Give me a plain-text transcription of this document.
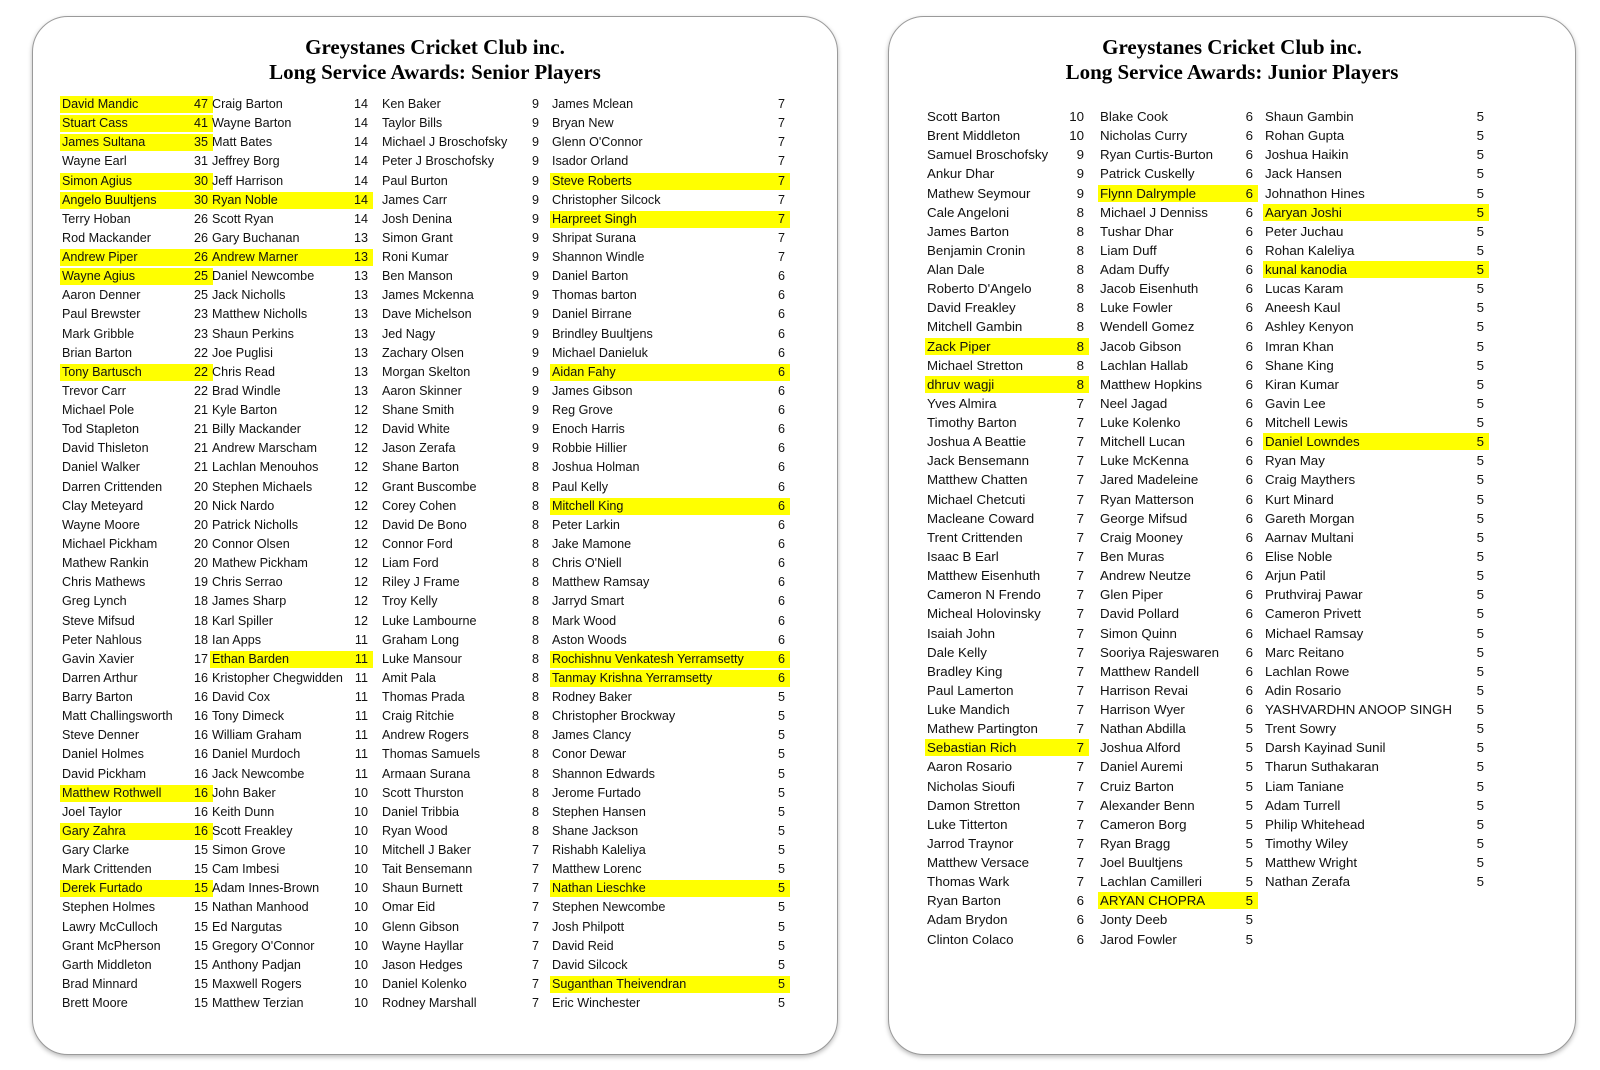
Greystanes Cricket Club inc.
Long Service Awards: Senior Players
David Mandic	47
Stuart Cass	41
James Sultana	35
Wayne Earl	31
Simon Agius	30
Angelo Buultjens	30
Terry Hoban	26
Rod Mackander	26
Andrew Piper	26
Wayne Agius	25
Aaron Denner	25
Paul Brewster	23
Mark Gribble	23
Brian Barton	22
Tony Bartusch	22
Trevor Carr	22
Michael Pole	21
Tod Stapleton	21
David Thisleton	21
Daniel Walker	21
Darren Crittenden	20
Clay Meteyard	20
Wayne Moore	20
Michael Pickham	20
Mathew Rankin	20
Chris Mathews	19
Greg Lynch	18
Steve Mifsud	18
Peter Nahlous	18
Gavin Xavier	17
Darren Arthur	16
Barry Barton	16
Matt Challingsworth 16
Steve Denner	16
Daniel Holmes	16
David Pickham	16
Matthew Rothwell	16
Joel Taylor	16
Gary Zahra	16
Gary Clarke	15
Mark Crittenden	15
Derek Furtado	15
Stephen Holmes	15
Lawry McCulloch	15
Grant McPherson	15
Garth Middleton	15
Brad Minnard	15
Brett Moore	15
Craig Barton	14
Wayne Barton	14
Matt Bates	14
Jeffrey Borg	14
Jeff Harrison	14
Ryan Noble	14
Scott Ryan	14
Gary Buchanan	13
Andrew Marner	13
Daniel Newcombe	13
Jack Nicholls	13
Matthew Nicholls	13
Shaun Perkins	13
Joe Puglisi	13
Chris Read	13
Brad Windle	13
Kyle Barton	12
Billy Mackander	12
Andrew Marscham	12
Lachlan Menouhos	12
Stephen Michaels	12
Nick Nardo	12
Patrick Nicholls	12
Connor Olsen	12
Mathew Pickham	12
Chris Serrao	12
James Sharp	12
Karl Spiller	12
Ian Apps	11
Ethan Barden	11
Kristopher Chegwidden 11
David Cox	11
Tony Dimeck	11
William Graham	11
Daniel Murdoch	11
Jack Newcombe	11
John Baker	10
Keith Dunn	10
Scott Freakley	10
Simon Grove	10
Cam Imbesi	10
Adam Innes-Brown	10
Nathan Manhood	10
Ed Nargutas	10
Gregory O'Connor	10
Anthony Padjan	10
Maxwell Rogers	10
Matthew Terzian	10
Ken Baker	9
Taylor Bills	9
Michael J Broschofsky 9
Peter J Broschofsky	9
Paul Burton	9
James Carr	9
Josh Denina	9
Simon Grant	9
Roni Kumar	9
Ben Manson	9
James Mckenna	9
Dave Michelson	9
Jed Nagy	9
Zachary Olsen	9
Morgan Skelton	9
Aaron Skinner	9
Shane Smith	9
David White	9
Jason Zerafa	9
Shane Barton	8
Grant Buscombe	8
Corey Cohen	8
David De Bono	8
Connor Ford	8
Liam Ford	8
Riley J Frame	8
Troy Kelly	8
Luke Lambourne	8
Graham Long	8
Luke Mansour	8
Amit Pala	8
Thomas Prada	8
Craig Ritchie	8
Andrew Rogers	8
Thomas Samuels	8
Armaan Surana	8
Scott Thurston	8
Daniel Tribbia	8
Ryan Wood	8
Mitchell J Baker	7
Tait Bensemann	7
Shaun Burnett	7
Omar Eid	7
Glenn Gibson	7
Wayne Hayllar	7
Jason Hedges	7
Daniel Kolenko	7
Rodney Marshall	7
James Mclean	7
Bryan New	7
Glenn O'Connor	7
Isador Orland	7
Steve Roberts	7
Christopher Silcock	7
Harpreet Singh	7
Shripat Surana	7
Shannon Windle	7
Daniel Barton	6
Thomas barton	6
Daniel Birrane	6
Brindley Buultjens	6
Michael Danieluk	6
Aidan Fahy	6
James Gibson	6
Reg Grove	6
Enoch Harris	6
Robbie Hillier	6
Joshua Holman	6
Paul Kelly	6
Mitchell King	6
Peter Larkin	6
Jake Mamone	6
Chris O'Niell	6
Matthew Ramsay	6
Jarryd Smart	6
Mark Wood	6
Aston Woods	6
Rochishnu Venkatesh Yerramsetty	6
Tanmay Krishna Yerramsetty	6
Rodney Baker	5
Christopher Brockway	5
James Clancy	5
Conor Dewar	5
Shannon Edwards	5
Jerome Furtado	5
Stephen Hansen	5
Shane Jackson	5
Rishabh Kaleliya	5
Matthew Lorenc	5
Nathan Lieschke	5
Stephen Newcombe	5
Josh Philpott	5
David Reid	5
David Silcock	5
Suganthan Theivendran	5
Eric Winchester	5
Greystanes Cricket Club inc.
Long Service Awards: Junior Players
Scott Barton	10
Brent Middleton	10
Samuel Broschofsky 9
Ankur Dhar	9
Mathew Seymour	9
Cale Angeloni	8
James Barton	8
Benjamin Cronin	8
Alan Dale	8
Roberto D'Angelo	8
David Freakley	8
Mitchell Gambin	8
Zack Piper	8
Michael Stretton	8
dhruv wagji	8
Yves Almira	7
Timothy Barton	7
Joshua A Beattie	7
Jack Bensemann	7
Matthew Chatten	7
Michael Chetcuti	7
Macleane Coward	7
Trent Crittenden	7
Isaac B Earl	7
Matthew Eisenhuth	7
Cameron N Frendo	7
Micheal Holovinsky	7
Isaiah John	7
Dale Kelly	7
Bradley King	7
Paul Lamerton	7
Luke Mandich	7
Mathew Partington	7
Sebastian Rich	7
Aaron Rosario	7
Nicholas Sioufi	7
Damon Stretton	7
Luke Titterton	7
Jarrod Traynor	7
Matthew Versace	7
Thomas Wark	7
Ryan Barton	6
Adam Brydon	6
Clinton Colaco	6
Blake Cook	6
Nicholas Curry	6
Ryan Curtis-Burton 6
Patrick Cuskelly	6
Flynn Dalrymple	6
Michael J Denniss	6
Tushar Dhar	6
Liam Duff	6
Adam Duffy	6
Jacob Eisenhuth	6
Luke Fowler	6
Wendell Gomez	6
Jacob Gibson	6
Lachlan Hallab	6
Matthew Hopkins	6
Neel Jagad	6
Luke Kolenko	6
Mitchell Lucan	6
Luke McKenna	6
Jared Madeleine	6
Ryan Matterson	6
George Mifsud	6
Craig Mooney	6
Ben Muras	6
Andrew Neutze	6
Glen Piper	6
David Pollard	6
Simon Quinn	6
Sooriya Rajeswaren 6
Matthew Randell	6
Harrison Revai	6
Harrison Wyer	6
Nathan Abdilla	5
Joshua Alford	5
Daniel Auremi	5
Cruiz Barton	5
Alexander Benn	5
Cameron Borg	5
Ryan Bragg	5
Joel Buultjens	5
Lachlan Camilleri	5
ARYAN CHOPRA	5
Jonty Deeb	5
Jarod Fowler	5
Shaun Gambin	5
Rohan Gupta	5
Joshua Haikin	5
Jack Hansen	5
Johnathon Hines	5
Aaryan Joshi	5
Peter Juchau	5
Rohan Kaleliya	5
kunal kanodia	5
Lucas Karam	5
Aneesh Kaul	5
Ashley Kenyon	5
Imran Khan	5
Shane King	5
Kiran Kumar	5
Gavin Lee	5
Mitchell Lewis	5
Daniel Lowndes	5
Ryan May	5
Craig Maythers	5
Kurt Minard	5
Gareth Morgan	5
Aarnav Multani	5
Elise Noble	5
Arjun Patil	5
Pruthviraj Pawar	5
Cameron Privett	5
Michael Ramsay	5
Marc Reitano	5
Lachlan Rowe	5
Adin Rosario	5
YASHVARDHN ANOOP SINGH 5
Trent Sowry	5
Darsh Kayinad Sunil	5
Tharun Suthakaran	5
Liam Taniane	5
Adam Turrell	5
Philip Whitehead	5
Timothy Wiley	5
Matthew Wright	5
Nathan Zerafa	5
